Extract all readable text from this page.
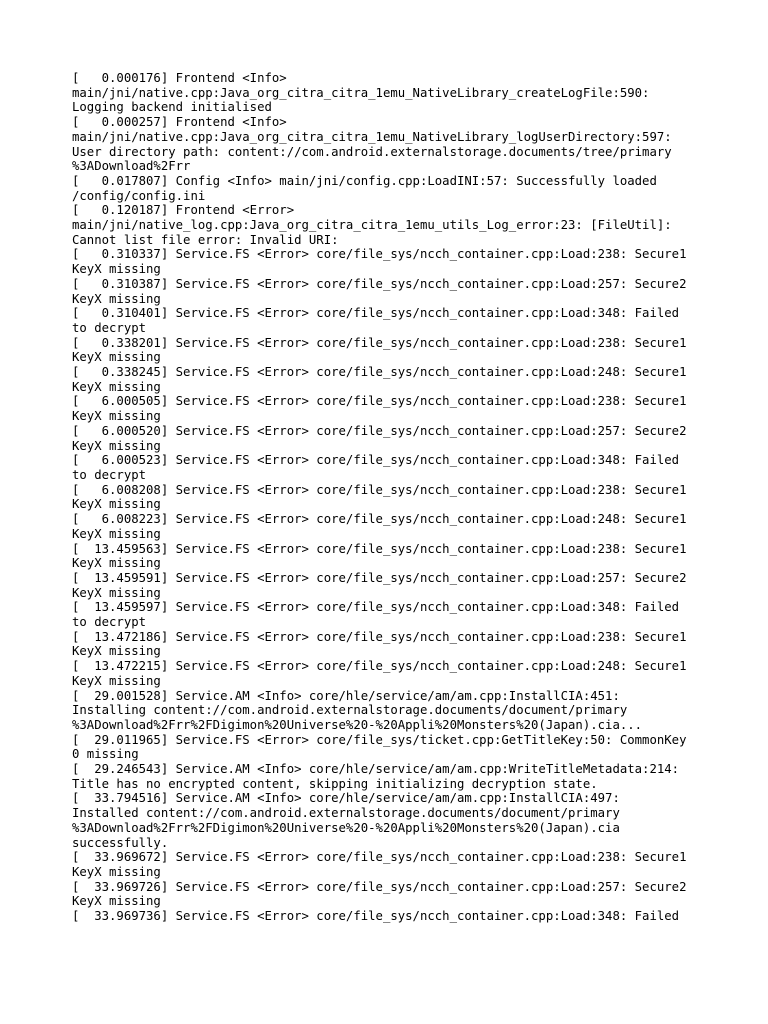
[   0.000176] Frontend <Info>
main/jni/native.cpp:Java_org_citra_citra_1emu_NativeLibrary_createLogFile:590:
Logging backend initialised
[   0.000257] Frontend <Info>
main/jni/native.cpp:Java_org_citra_citra_1emu_NativeLibrary_logUserDirectory:597:
User directory path: content://com.android.externalstorage.documents/tree/primary
%3ADownload%2Frr
[   0.017807] Config <Info> main/jni/config.cpp:LoadINI:57: Successfully loaded
/config/config.ini
[   0.120187] Frontend <Error>
main/jni/native_log.cpp:Java_org_citra_citra_1emu_utils_Log_error:23: [FileUtil]:
Cannot list file error: Invalid URI:
[   0.310337] Service.FS <Error> core/file_sys/ncch_container.cpp:Load:238: Secure1
KeyX missing
[   0.310387] Service.FS <Error> core/file_sys/ncch_container.cpp:Load:257: Secure2
KeyX missing
[   0.310401] Service.FS <Error> core/file_sys/ncch_container.cpp:Load:348: Failed
to decrypt
[   0.338201] Service.FS <Error> core/file_sys/ncch_container.cpp:Load:238: Secure1
KeyX missing
[   0.338245] Service.FS <Error> core/file_sys/ncch_container.cpp:Load:248: Secure1
KeyX missing
[   6.000505] Service.FS <Error> core/file_sys/ncch_container.cpp:Load:238: Secure1
KeyX missing
[   6.000520] Service.FS <Error> core/file_sys/ncch_container.cpp:Load:257: Secure2
KeyX missing
[   6.000523] Service.FS <Error> core/file_sys/ncch_container.cpp:Load:348: Failed
to decrypt
[   6.008208] Service.FS <Error> core/file_sys/ncch_container.cpp:Load:238: Secure1
KeyX missing
[   6.008223] Service.FS <Error> core/file_sys/ncch_container.cpp:Load:248: Secure1
KeyX missing
[  13.459563] Service.FS <Error> core/file_sys/ncch_container.cpp:Load:238: Secure1
KeyX missing
[  13.459591] Service.FS <Error> core/file_sys/ncch_container.cpp:Load:257: Secure2
KeyX missing
[  13.459597] Service.FS <Error> core/file_sys/ncch_container.cpp:Load:348: Failed
to decrypt
[  13.472186] Service.FS <Error> core/file_sys/ncch_container.cpp:Load:238: Secure1
KeyX missing
[  13.472215] Service.FS <Error> core/file_sys/ncch_container.cpp:Load:248: Secure1
KeyX missing
[  29.001528] Service.AM <Info> core/hle/service/am/am.cpp:InstallCIA:451:
Installing content://com.android.externalstorage.documents/document/primary
%3ADownload%2Frr%2FDigimon%20Universe%20-%20Appli%20Monsters%20(Japan).cia...
[  29.011965] Service.FS <Error> core/file_sys/ticket.cpp:GetTitleKey:50: CommonKey
0 missing
[  29.246543] Service.AM <Info> core/hle/service/am/am.cpp:WriteTitleMetadata:214:
Title has no encrypted content, skipping initializing decryption state.
[  33.794516] Service.AM <Info> core/hle/service/am/am.cpp:InstallCIA:497:
Installed content://com.android.externalstorage.documents/document/primary
%3ADownload%2Frr%2FDigimon%20Universe%20-%20Appli%20Monsters%20(Japan).cia
successfully.
[  33.969672] Service.FS <Error> core/file_sys/ncch_container.cpp:Load:238: Secure1
KeyX missing
[  33.969726] Service.FS <Error> core/file_sys/ncch_container.cpp:Load:257: Secure2
KeyX missing
[  33.969736] Service.FS <Error> core/file_sys/ncch_container.cpp:Load:348: Failed
